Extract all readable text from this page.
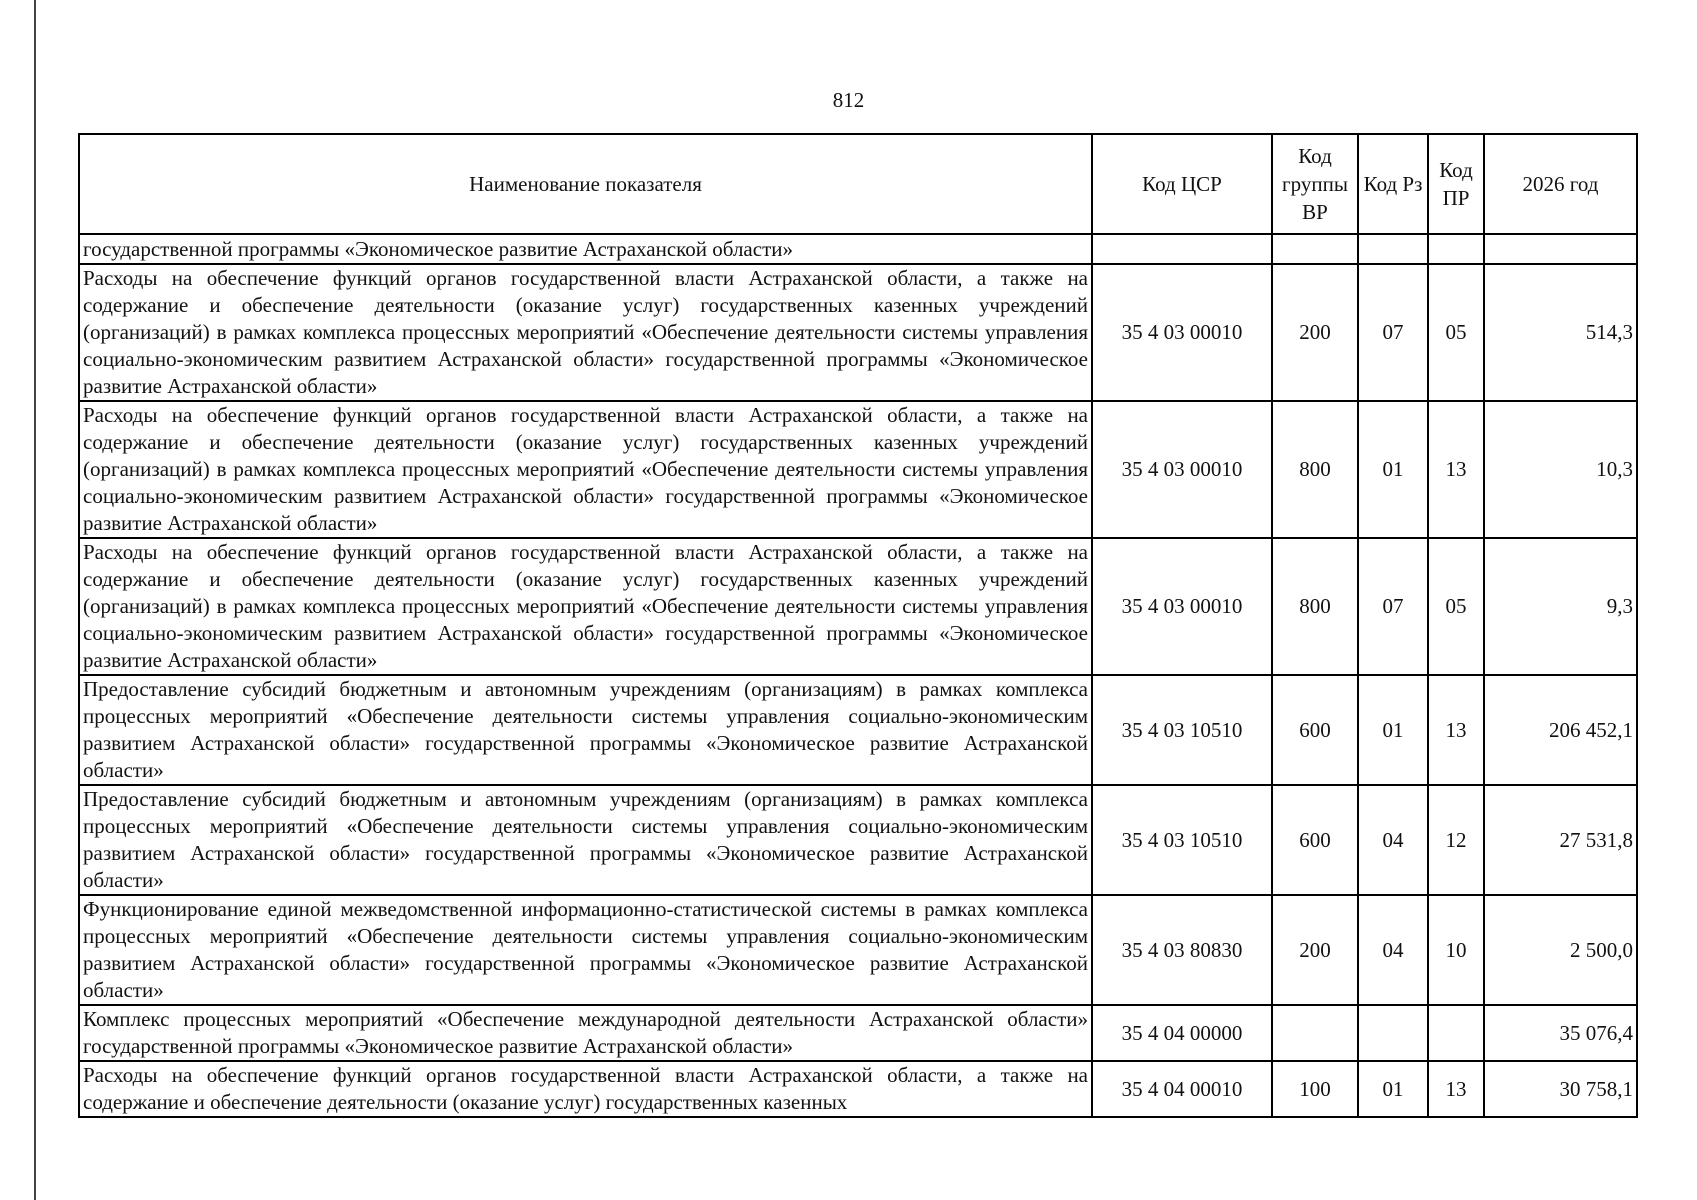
812
Наименование показателя	Код ЦСР	Код группы ВР	Код Рз	Код ПР	2026 год
государственной программы «Экономическое развитие Астраханской области»					
Расходы на обеспечение функций органов государственной власти Астраханской области, а также на содержание и обеспечение деятельности (оказание услуг) государственных казенных учреждений (организаций) в рамках комплекса процессных мероприятий «Обеспечение деятельности системы управления социально-экономическим развитием Астраханской области» государственной программы «Экономическое развитие Астраханской области»	35 4 03 00010	200	07	05	514,3
Расходы на обеспечение функций органов государственной власти Астраханской области, а также на содержание и обеспечение деятельности (оказание услуг) государственных казенных учреждений (организаций) в рамках комплекса процессных мероприятий «Обеспечение деятельности системы управления социально-экономическим развитием Астраханской области» государственной программы «Экономическое развитие Астраханской области»	35 4 03 00010	800	01	13	10,3
Расходы на обеспечение функций органов государственной власти Астраханской области, а также на содержание и обеспечение деятельности (оказание услуг) государственных казенных учреждений (организаций) в рамках комплекса процессных мероприятий «Обеспечение деятельности системы управления социально-экономическим развитием Астраханской области» государственной программы «Экономическое развитие Астраханской области»	35 4 03 00010	800	07	05	9,3
Предоставление субсидий бюджетным и автономным учреждениям (организациям) в рамках комплекса процессных мероприятий «Обеспечение деятельности системы управления социально-экономическим развитием Астраханской области» государственной программы «Экономическое развитие Астраханской области»	35 4 03 10510	600	01	13	206 452,1
Предоставление субсидий бюджетным и автономным учреждениям (организациям) в рамках комплекса процессных мероприятий «Обеспечение деятельности системы управления социально-экономическим развитием Астраханской области» государственной программы «Экономическое развитие Астраханской области»	35 4 03 10510	600	04	12	27 531,8
Функционирование единой межведомственной информационно-статистической системы в рамках комплекса процессных мероприятий «Обеспечение деятельности системы управления социально-экономическим развитием Астраханской области» государственной программы «Экономическое развитие Астраханской области»	35 4 03 80830	200	04	10	2 500,0
Комплекс процессных мероприятий «Обеспечение международной деятельности Астраханской области» государственной программы «Экономическое развитие Астраханской области»	35 4 04 00000				35 076,4
Расходы на обеспечение функций органов государственной власти Астраханской области, а также на содержание и обеспечение деятельности (оказание услуг) государственных казенных	35 4 04 00010	100	01	13	30 758,1
